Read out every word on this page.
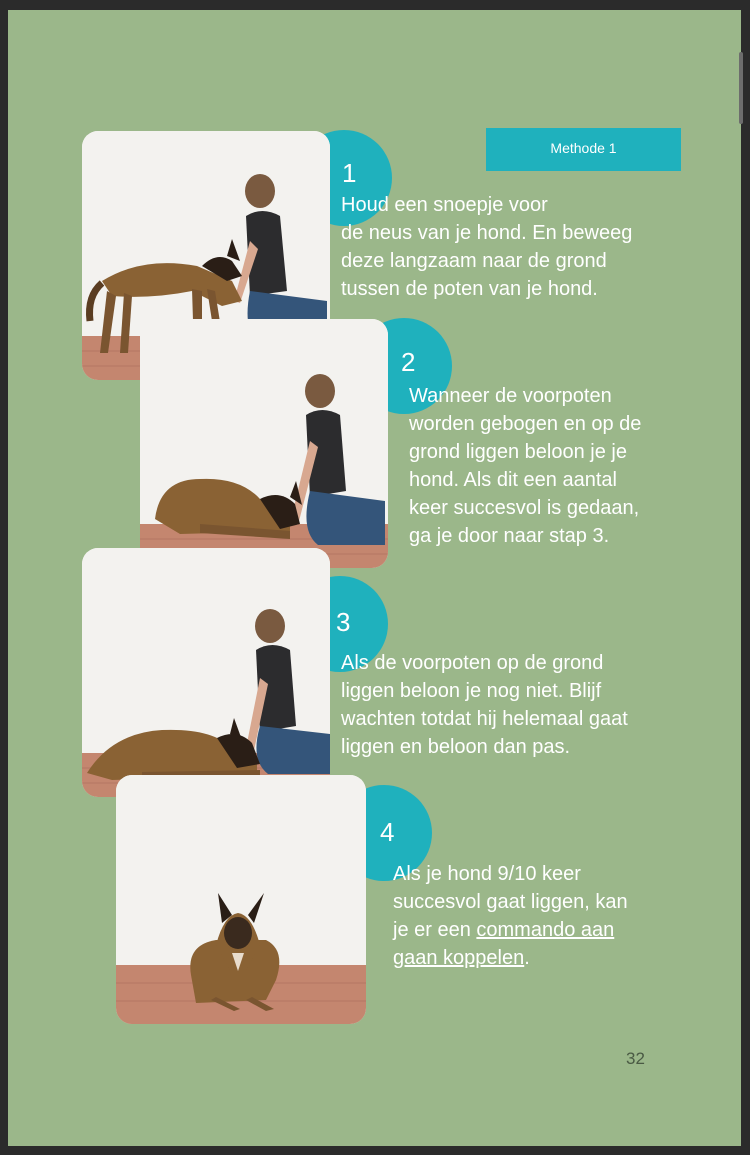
Methode 1
1

Houd een snoepje voor
de neus van je hond. En beweeg
deze langzaam naar de grond
tussen de poten van je hond.

2

Wanneer de voorpoten
worden gebogen en op de
grond liggen beloon je je
hond. Als dit een aantal
keer succesvol is gedaan,
ga je door naar stap 3.

3

Als de voorpoten op de grond
liggen beloon je nog niet. Blijf
wachten totdat hij helemaal gaat
liggen en beloon dan pas.

4

Als je hond 9/10 keer
succesvol gaat liggen, kan
je er een commando aan
gaan koppelen.

32
